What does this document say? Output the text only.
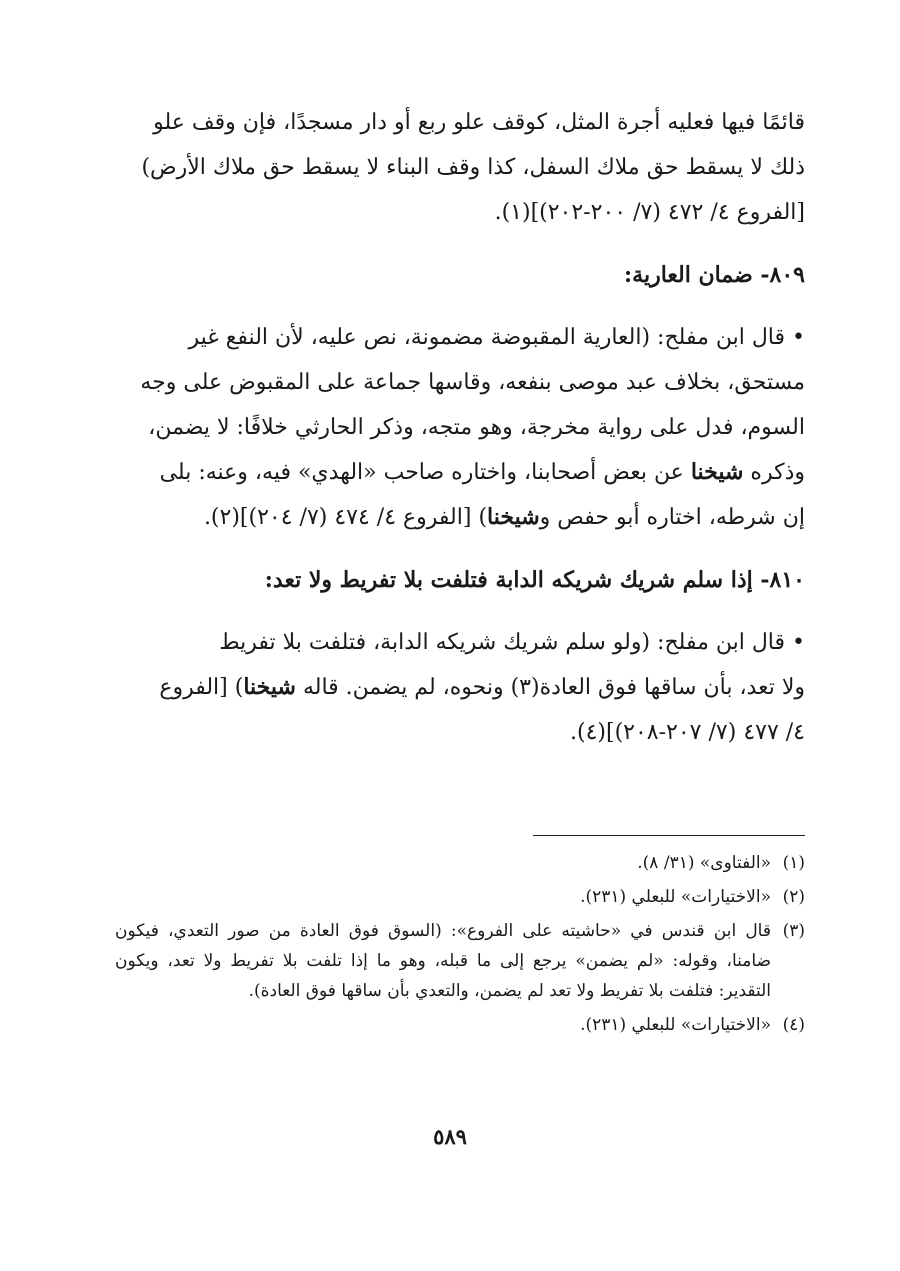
قائمًا فيها فعليه أجرة المثل، كوقف علو ربع أو دار مسجدًا، فإن وقف علو
ذلك لا يسقط حق ملاك السفل، كذا وقف البناء لا يسقط حق ملاك الأرض)
[الفروع ٤/ ٤٧٢ (٧/ ٢٠٠-٢٠٢)](١).

٨٠٩- ضمان العارية:

• قال ابن مفلح: (العارية المقبوضة مضمونة، نص عليه، لأن النفع غير
مستحق، بخلاف عبد موصى بنفعه، وقاسها جماعة على المقبوض على وجه
السوم، فدل على رواية مخرجة، وهو متجه، وذكر الحارثي خلافًا: لا يضمن،
وذكره شيخنا عن بعض أصحابنا، واختاره صاحب «الهدي» فيه، وعنه: بلى
إن شرطه، اختاره أبو حفص وشيخنا) [الفروع ٤/ ٤٧٤ (٧/ ٢٠٤)](٢).

٨١٠- إذا سلم شريك شريكه الدابة فتلفت بلا تفريط ولا تعد:

• قال ابن مفلح: (ولو سلم شريك شريكه الدابة، فتلفت بلا تفريط
ولا تعد، بأن ساقها فوق العادة(٣) ونحوه، لم يضمن. قاله شيخنا) [الفروع
٤/ ٤٧٧ (٧/ ٢٠٧-٢٠٨)](٤).

(١)
«الفتاوى» (٣١/ ٨).
(٢)
«الاختيارات» للبعلي (٢٣١).
(٣)
قال ابن قندس في «حاشيته على الفروع»: (السوق فوق العادة من صور التعدي، فيكون ضامنا، وقوله: «لم يضمن» يرجع إلى ما قبله، وهو ما إذا تلفت بلا تفريط ولا تعد، ويكون التقدير: فتلفت بلا تفريط ولا تعد لم يضمن، والتعدي بأن ساقها فوق العادة).
(٤)
«الاختيارات» للبعلي (٢٣١).
٥٨٩
